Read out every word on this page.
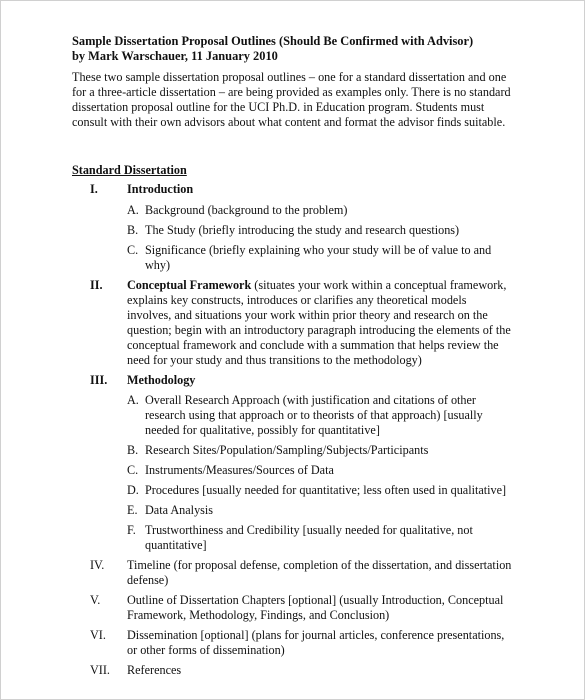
Sample Dissertation Proposal Outlines (Should Be Confirmed with Advisor)
by Mark Warschauer, 11 January 2010
These two sample dissertation proposal outlines – one for a standard dissertation and one for a three-article dissertation – are being provided as examples only. There is no standard dissertation proposal outline for the UCI Ph.D. in Education program. Students must consult with their own advisors about what content and format the advisor finds suitable.
Standard Dissertation
I. Introduction
A. Background (background to the problem)
B. The Study (briefly introducing the study and research questions)
C. Significance (briefly explaining who your study will be of value to and why)
II. Conceptual Framework (situates your work within a conceptual framework, explains key constructs, introduces or clarifies any theoretical models involves, and situations your work within prior theory and research on the question; begin with an introductory paragraph introducing the elements of the conceptual framework and conclude with a summation that helps review the need for your study and thus transitions to the methodology)
III. Methodology
A. Overall Research Approach (with justification and citations of other research using that approach or to theorists of that approach) [usually needed for qualitative, possibly for quantitative]
B. Research Sites/Population/Sampling/Subjects/Participants
C. Instruments/Measures/Sources of Data
D. Procedures [usually needed for quantitative; less often used in qualitative]
E. Data Analysis
F. Trustworthiness and Credibility [usually needed for qualitative, not quantitative]
IV. Timeline (for proposal defense, completion of the dissertation, and dissertation defense)
V. Outline of Dissertation Chapters [optional] (usually Introduction, Conceptual Framework, Methodology, Findings, and Conclusion)
VI. Dissemination [optional] (plans for journal articles, conference presentations, or other forms of dissemination)
VII. References
